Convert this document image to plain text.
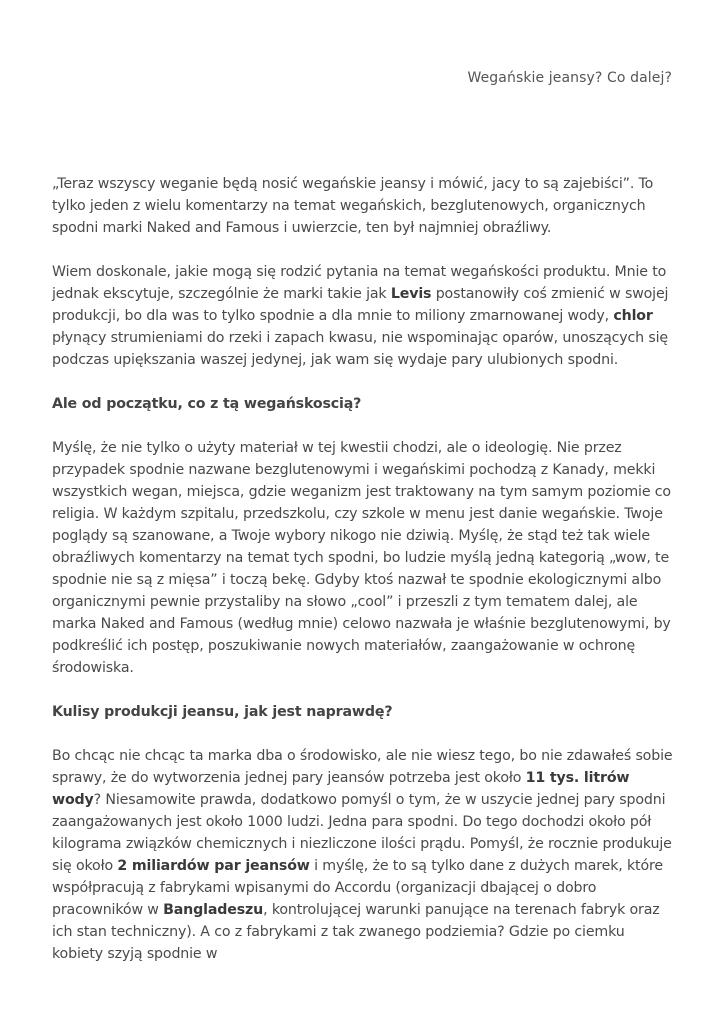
Wegańskie jeansy? Co dalej?

„Teraz wszyscy weganie będą nosić wegańskie jeansy i mówić, jacy to są zajebiści”. To tylko jeden z wielu komentarzy na temat wegańskich, bezglutenowych, organicznych spodni marki Naked and Famous i uwierzcie, ten był najmniej obraźliwy.

Wiem doskonale, jakie mogą się rodzić pytania na temat wegańskości produktu. Mnie to jednak ekscytuje, szczególnie że marki takie jak Levis postanowiły coś zmienić w swojej produkcji, bo dla was to tylko spodnie a dla mnie to miliony zmarnowanej wody, chlor płynący strumieniami do rzeki i zapach kwasu, nie wspominając oparów, unoszących się podczas upiększania waszej jedynej, jak wam się wydaje pary ulubionych spodni.

Ale od początku, co z tą wegańskoscią?

Myślę, że nie tylko o użyty materiał w tej kwestii chodzi, ale o ideologię. Nie przez przypadek spodnie nazwane bezglutenowymi i wegańskimi pochodzą z Kanady, mekki wszystkich wegan, miejsca, gdzie weganizm jest traktowany na tym samym poziomie co religia. W każdym szpitalu, przedszkolu, czy szkole w menu jest danie wegańskie. Twoje poglądy są szanowane, a Twoje wybory nikogo nie dziwią. Myślę, że stąd też tak wiele obraźliwych komentarzy na temat tych spodni, bo ludzie myślą jedną kategorią „wow, te spodnie nie są z mięsa” i toczą bekę. Gdyby ktoś nazwał te spodnie ekologicznymi albo organicznymi pewnie przystaliby na słowo „cool” i przeszli z tym tematem dalej, ale marka Naked and Famous (według mnie) celowo nazwała je właśnie bezglutenowymi, by podkreślić ich postęp, poszukiwanie nowych materiałów, zaangażowanie w ochronę środowiska.

Kulisy produkcji jeansu, jak jest naprawdę?

Bo chcąc nie chcąc ta marka dba o środowisko, ale nie wiesz tego, bo nie zdawałeś sobie sprawy, że do wytworzenia jednej pary jeansów potrzeba jest około 11 tys. litrów wody? Niesamowite prawda, dodatkowo pomyśl o tym, że w uszycie jednej pary spodni zaangażowanych jest około 1000 ludzi. Jedna para spodni. Do tego dochodzi około pół kilograma związków chemicznych i niezliczone ilości prądu. Pomyśl, że rocznie produkuje się około 2 miliardów par jeansów i myślę, że to są tylko dane z dużych marek, które współpracują z fabrykami wpisanymi do Accordu (organizacji dbającej o dobro pracowników w Bangladeszu, kontrolującej warunki panujące na terenach fabryk oraz ich stan techniczny). A co z fabrykami z tak zwanego podziemia? Gdzie po ciemku kobiety szyją spodnie w
